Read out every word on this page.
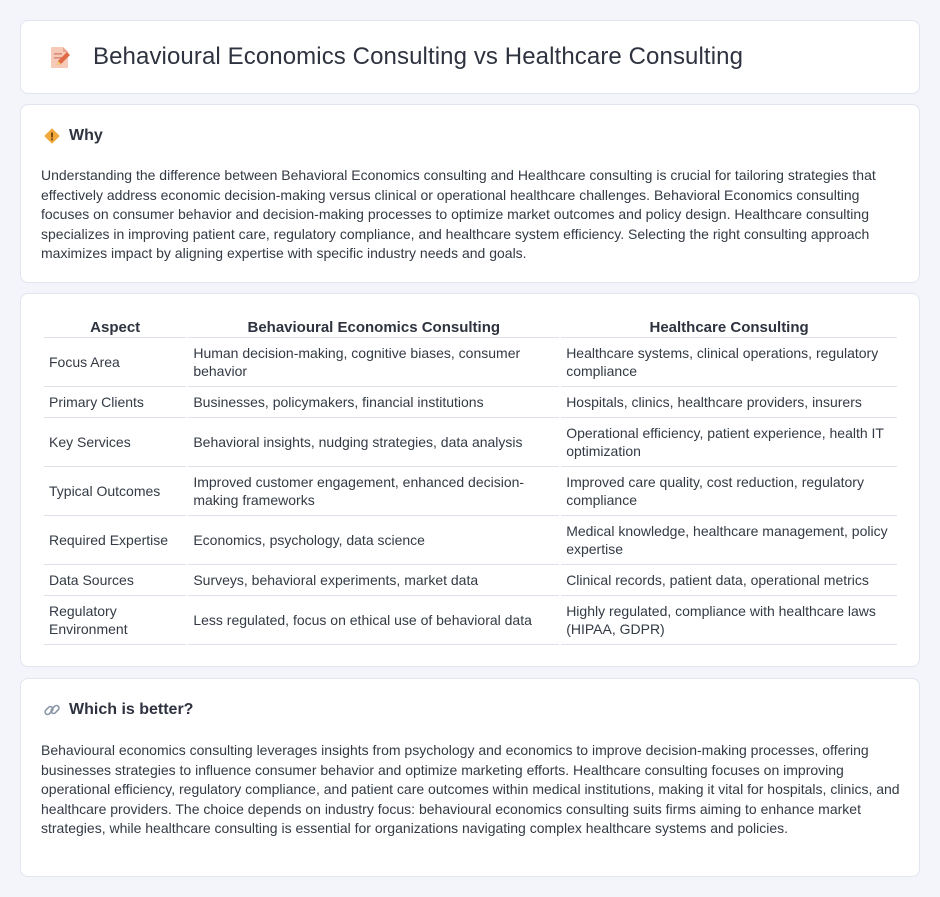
Behavioural Economics Consulting vs Healthcare Consulting
Why

Understanding the difference between Behavioral Economics consulting and Healthcare consulting is crucial for tailoring strategies that effectively address economic decision-making versus clinical or operational healthcare challenges. Behavioral Economics consulting focuses on consumer behavior and decision-making processes to optimize market outcomes and policy design. Healthcare consulting specializes in improving patient care, regulatory compliance, and healthcare system efficiency. Selecting the right consulting approach maximizes impact by aligning expertise with specific industry needs and goals.

Aspect	Behavioural Economics Consulting	Healthcare Consulting
Focus Area	Human decision-making, cognitive biases, consumer behavior	Healthcare systems, clinical operations, regulatory compliance
Primary Clients	Businesses, policymakers, financial institutions	Hospitals, clinics, healthcare providers, insurers
Key Services	Behavioral insights, nudging strategies, data analysis	Operational efficiency, patient experience, health IT optimization
Typical Outcomes	Improved customer engagement, enhanced decision-making frameworks	Improved care quality, cost reduction, regulatory compliance
Required Expertise	Economics, psychology, data science	Medical knowledge, healthcare management, policy expertise
Data Sources	Surveys, behavioral experiments, market data	Clinical records, patient data, operational metrics
Regulatory Environment	Less regulated, focus on ethical use of behavioral data	Highly regulated, compliance with healthcare laws (HIPAA, GDPR)
Which is better?

Behavioural economics consulting leverages insights from psychology and economics to improve decision-making processes, offering businesses strategies to influence consumer behavior and optimize marketing efforts. Healthcare consulting focuses on improving operational efficiency, regulatory compliance, and patient care outcomes within medical institutions, making it vital for hospitals, clinics, and healthcare providers. The choice depends on industry focus: behavioural economics consulting suits firms aiming to enhance market strategies, while healthcare consulting is essential for organizations navigating complex healthcare systems and policies.
